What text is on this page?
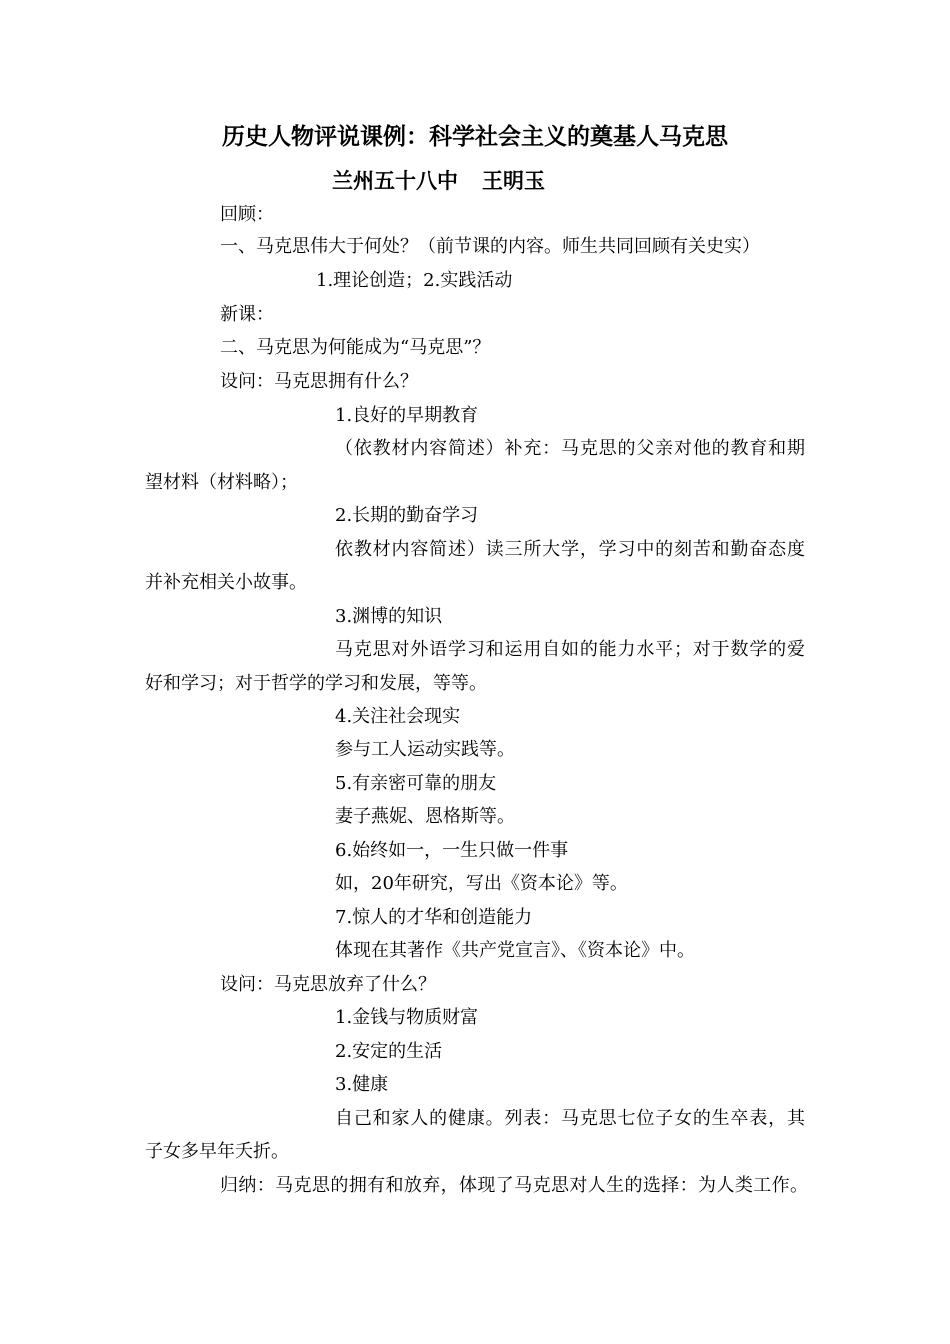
历史人物评说课例：科学社会主义的奠基人马克思
兰州五十八中 王明玉
回顾：
一、马克思伟大于何处？（前节课的内容。师生共同回顾有关史实）
1.理论创造；2.实践活动
新课：
二、马克思为何能成为“马克思”？
设问：马克思拥有什么？
1.良好的早期教育
（依教材内容简述）补充：马克思的父亲对他的教育和期
望材料（材料略）；
2.长期的勤奋学习
依教材内容简述）读三所大学，学习中的刻苦和勤奋态度
并补充相关小故事。
3.渊博的知识
马克思对外语学习和运用自如的能力水平；对于数学的爱
好和学习；对于哲学的学习和发展，等等。
4.关注社会现实
参与工人运动实践等。
5.有亲密可靠的朋友
妻子燕妮、恩格斯等。
6.始终如一，一生只做一件事
如，20年研究，写出《资本论》等。
7.惊人的才华和创造能力
体现在其著作《共产党宣言》、《资本论》中。
设问：马克思放弃了什么？
1.金钱与物质财富
2.安定的生活
3.健康
自己和家人的健康。列表：马克思七位子女的生卒表，其
子女多早年夭折。
归纳：马克思的拥有和放弃，体现了马克思对人生的选择：为人类工作。
